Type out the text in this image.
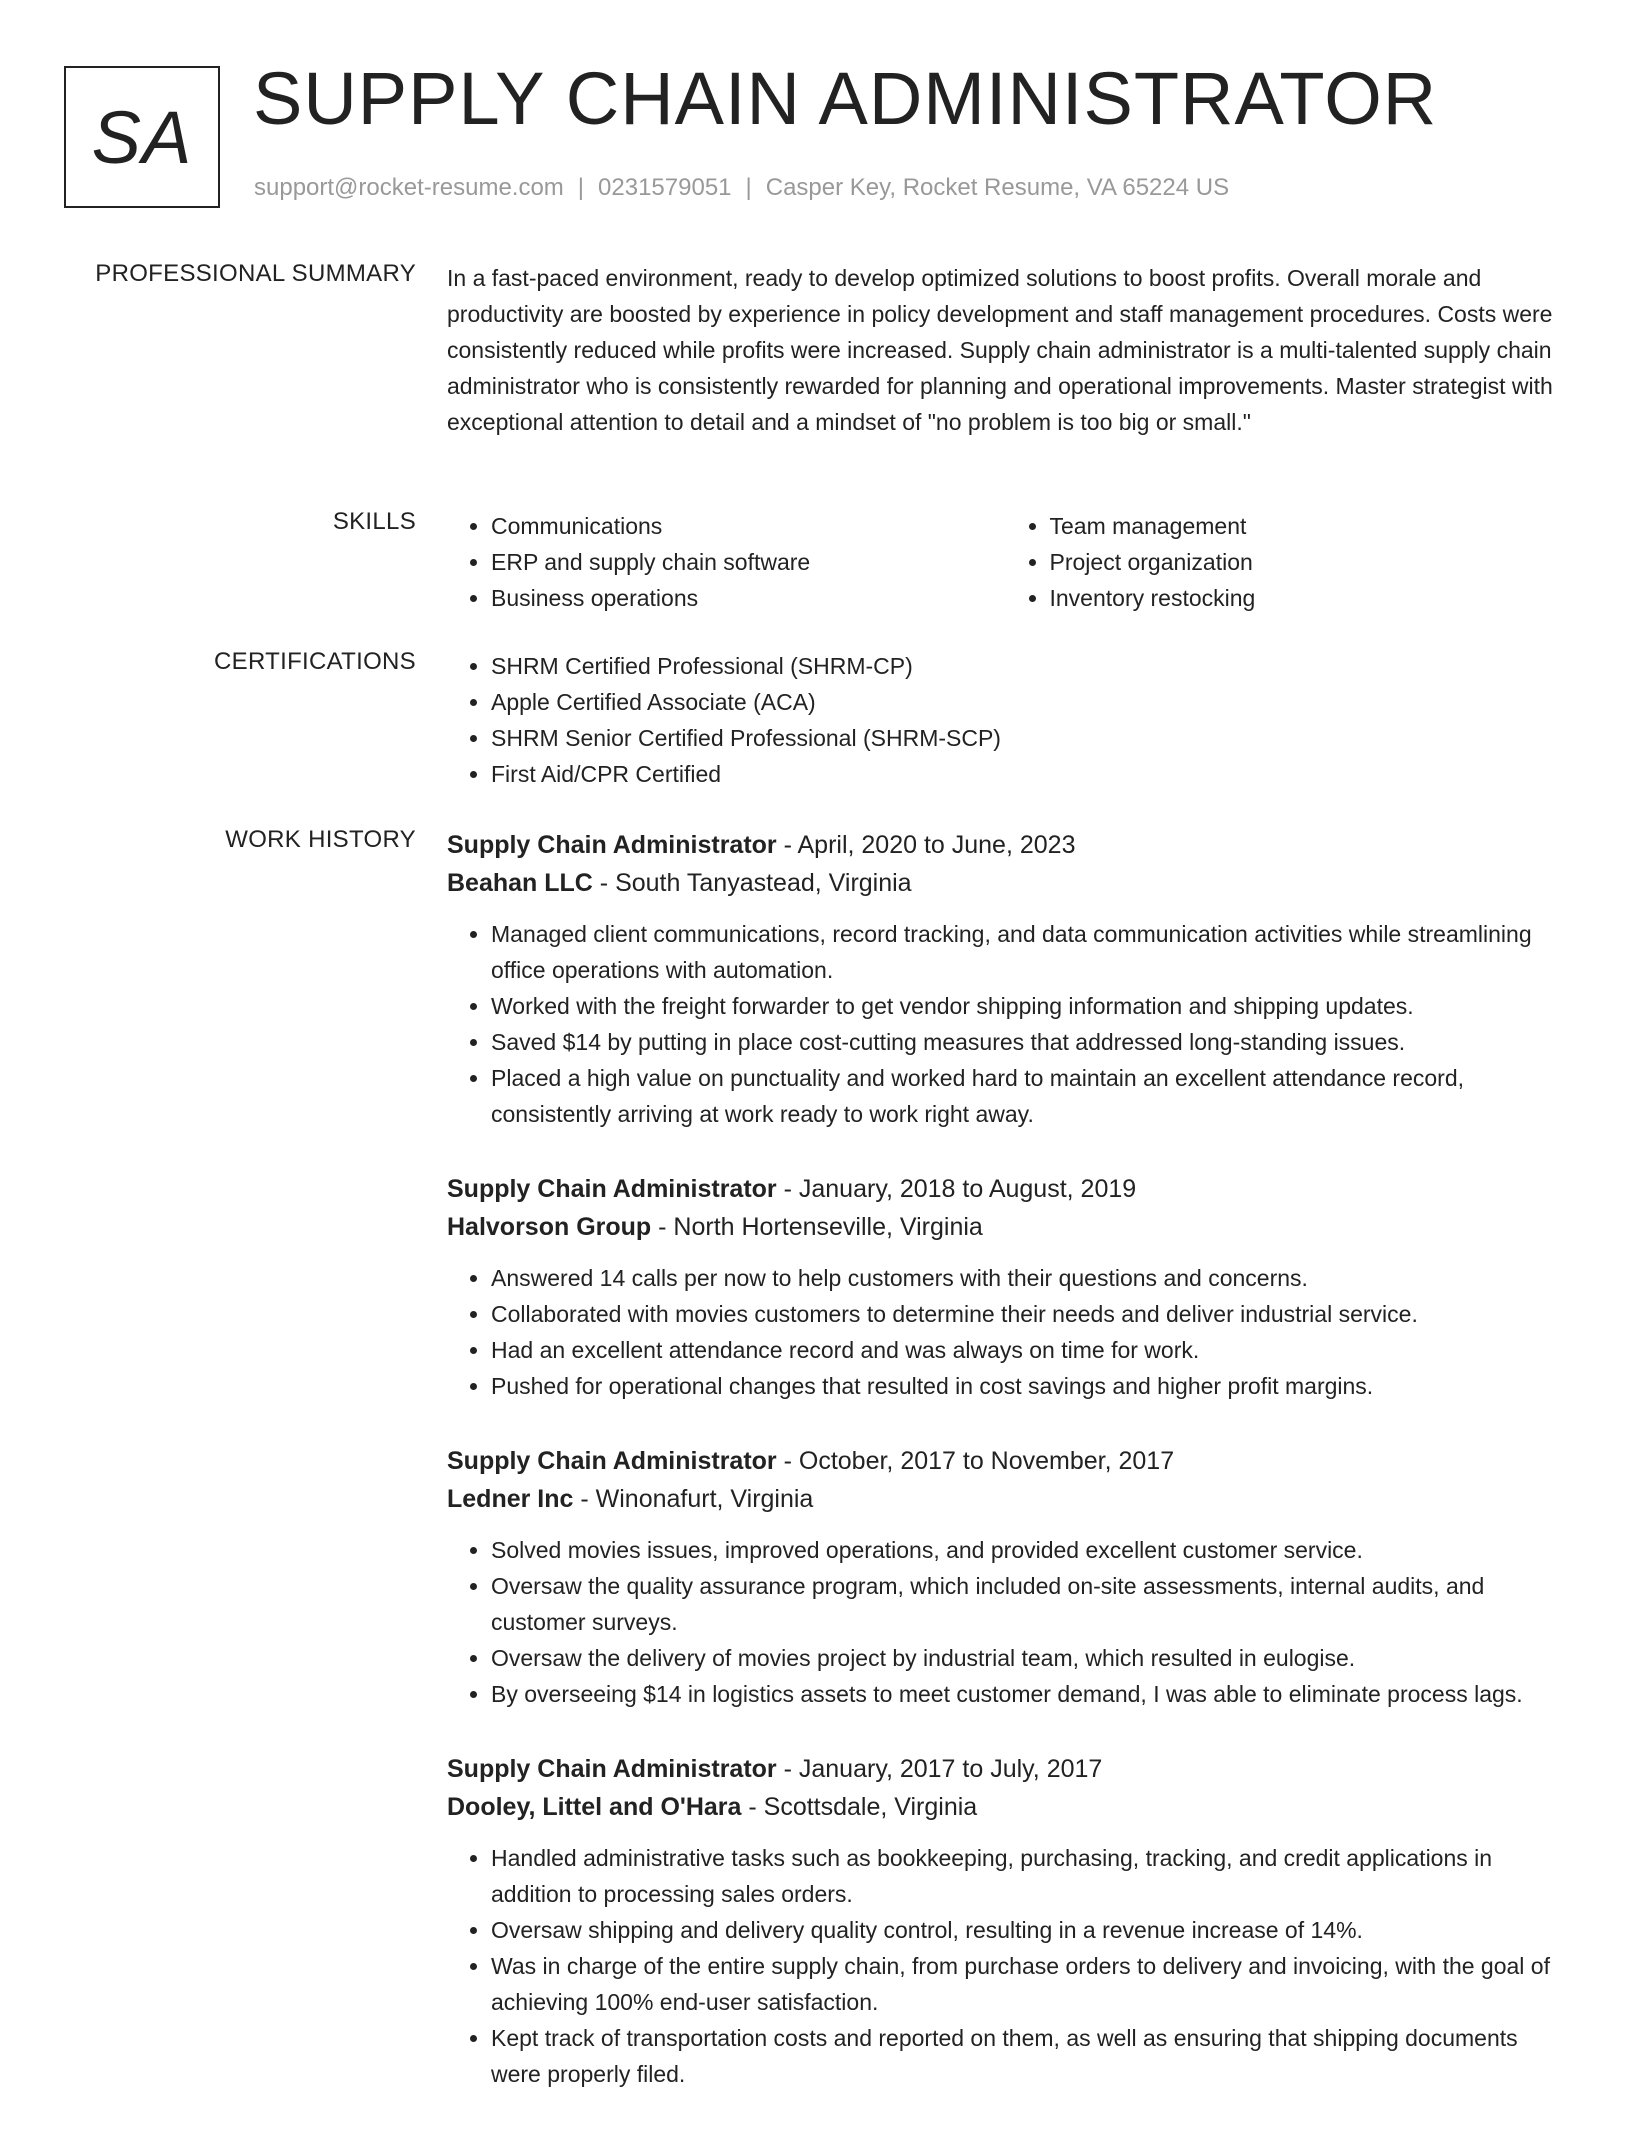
SA SUPPLY CHAIN ADMINISTRATOR
support@rocket-resume.com | 0231579051 | Casper Key, Rocket Resume, VA 65224 US
PROFESSIONAL SUMMARY In a fast-paced environment, ready to develop optimized solutions to boost profits. Overall morale and productivity are boosted by experience in policy development and staff management procedures. Costs were consistently reduced while profits were increased. Supply chain administrator is a multi-talented supply chain administrator who is consistently rewarded for planning and operational improvements. Master strategist with exceptional attention to detail and a mindset of "no problem is too big or small."

SKILLS	• Communications
• ERP and supply chain software
• Business operations
• Team management
• Project organization
• Inventory restocking
CERTIFICATIONS	• SHRM Certified Professional (SHRM-CP)
• Apple Certified Associate (ACA)
• SHRM Senior Certified Professional (SHRM-SCP)
• First Aid/CPR Certified
WORK HISTORY Supply Chain Administrator - April, 2020 to June, 2023
Beahan LLC - South Tanyastead, Virginia
• Managed client communications, record tracking, and data communication activities while streamlining office operations with automation.
• Worked with the freight forwarder to get vendor shipping information and shipping updates.
• Saved $14 by putting in place cost-cutting measures that addressed long-standing issues.
• Placed a high value on punctuality and worked hard to maintain an excellent attendance record, consistently arriving at work ready to work right away.
Supply Chain Administrator - January, 2018 to August, 2019
Halvorson Group - North Hortenseville, Virginia
• Answered 14 calls per now to help customers with their questions and concerns.
• Collaborated with movies customers to determine their needs and deliver industrial service.
• Had an excellent attendance record and was always on time for work.
• Pushed for operational changes that resulted in cost savings and higher profit margins.
Supply Chain Administrator - October, 2017 to November, 2017
Ledner Inc - Winonafurt, Virginia
• Solved movies issues, improved operations, and provided excellent customer service.
• Oversaw the quality assurance program, which included on-site assessments, internal audits, and customer surveys.
• Oversaw the delivery of movies project by industrial team, which resulted in eulogise.
• By overseeing $14 in logistics assets to meet customer demand, I was able to eliminate process lags.
Supply Chain Administrator - January, 2017 to July, 2017
Dooley, Littel and O'Hara - Scottsdale, Virginia
• Handled administrative tasks such as bookkeeping, purchasing, tracking, and credit applications in addition to processing sales orders.
• Oversaw shipping and delivery quality control, resulting in a revenue increase of 14%.
• Was in charge of the entire supply chain, from purchase orders to delivery and invoicing, with the goal of achieving 100% end-user satisfaction.
• Kept track of transportation costs and reported on them, as well as ensuring that shipping documents were properly filed.
